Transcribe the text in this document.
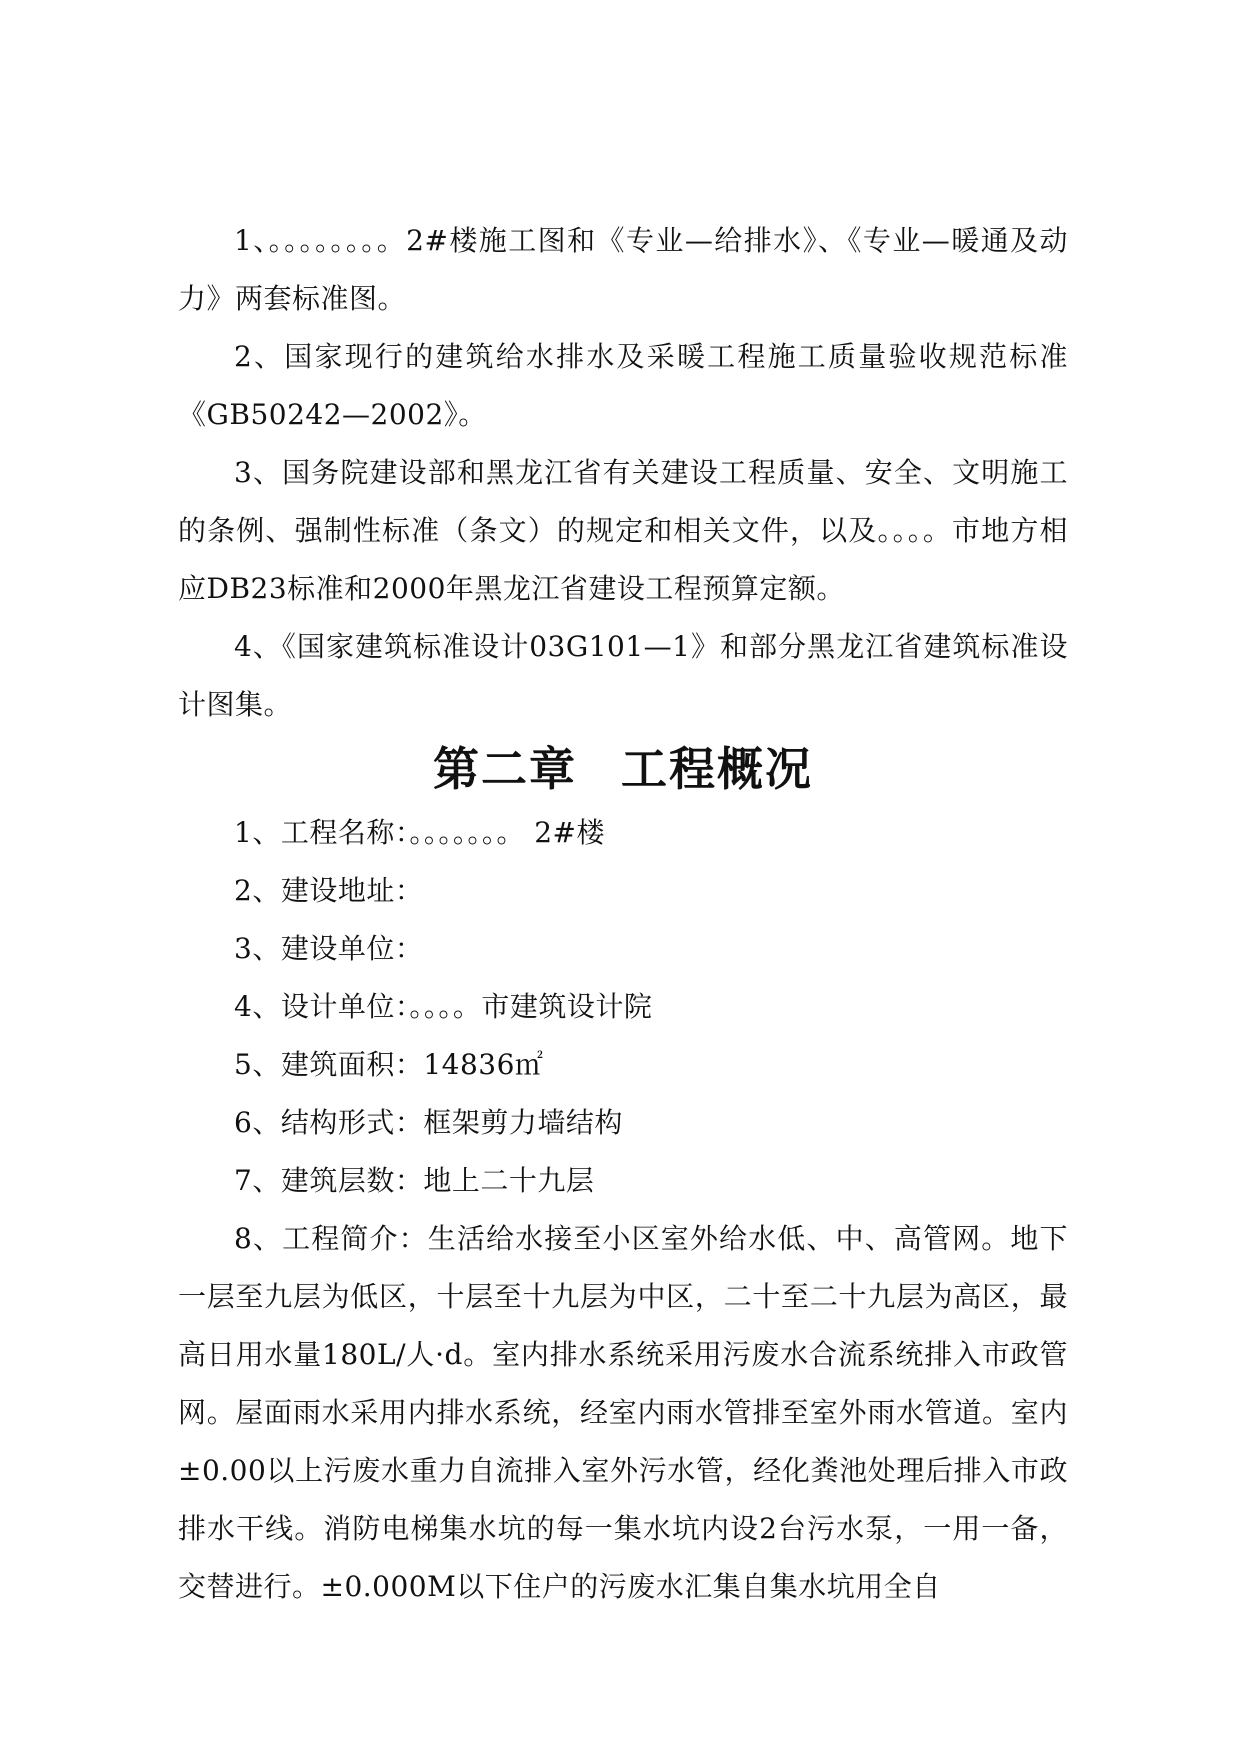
1、。。。。。。。。2#楼施工图和《专业—给排水》、《专业—暖通及动力》两套标准图。

2、国家现行的建筑给水排水及采暖工程施工质量验收规范标准《GB50242—2002》。

3、国务院建设部和黑龙江省有关建设工程质量、安全、文明施工的条例、强制性标准（条文）的规定和相关文件，以及。。。。市地方相应DB23标准和2000年黑龙江省建设工程预算定额。

4、《国家建筑标准设计03G101—1》和部分黑龙江省建筑标准设计图集。

第二章 工程概况

1、工程名称：。。。。。。。 2#楼

2、建设地址：

3、建设单位：

4、设计单位：。。。。市建筑设计院

5、建筑面积：14836㎡

6、结构形式：框架剪力墙结构

7、建筑层数：地上二十九层

8、工程简介：生活给水接至小区室外给水低、中、高管网。地下一层至九层为低区，十层至十九层为中区，二十至二十九层为高区，最高日用水量180L/人·d。室内排水系统采用污废水合流系统排入市政管网。屋面雨水采用内排水系统，经室内雨水管排至室外雨水管道。室内±0.00以上污废水重力自流排入室外污水管，经化粪池处理后排入市政排水干线。消防电梯集水坑的每一集水坑内设2台污水泵，一用一备，交替进行。±0.000M以下住户的污废水汇集自集水坑用全自
